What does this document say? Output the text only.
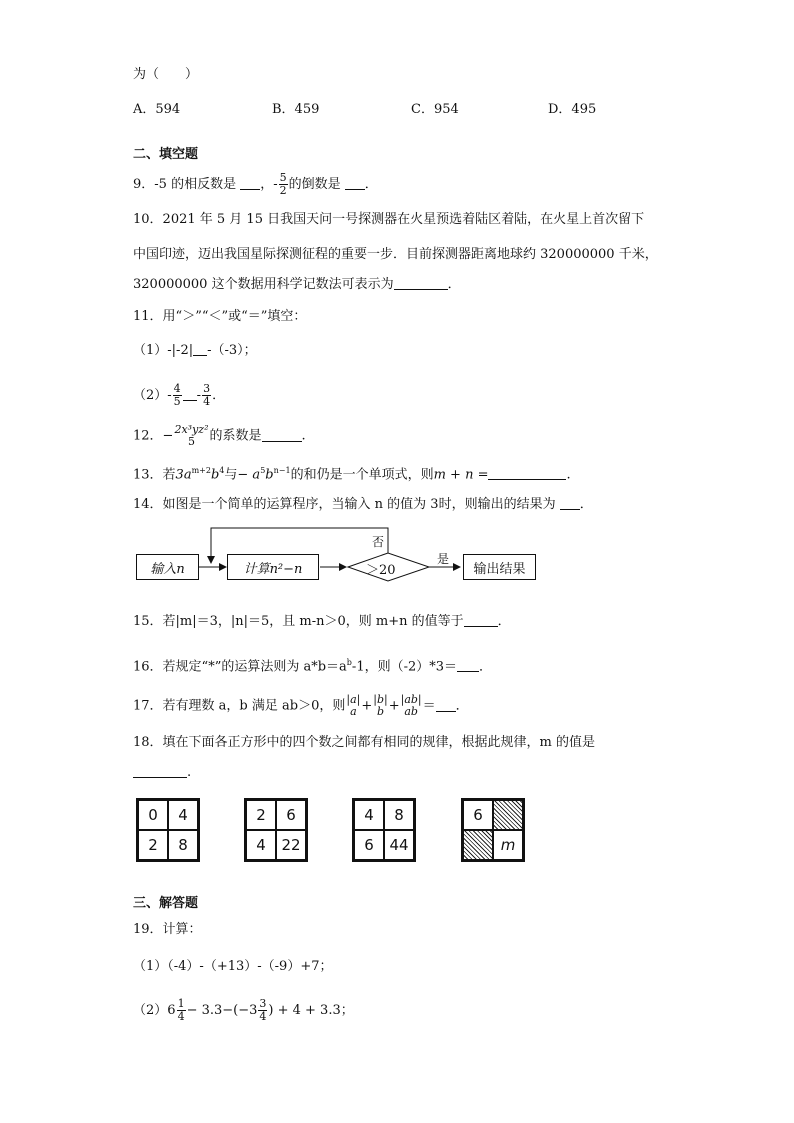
为（　　）
A．594	B．459	C．954	D．495
二、填空题
9．-5 的相反数是 ，- $\frac{5}{2}$ 的倒数是 ．
10．2021 年 5 月 15 日我国天问一号探测器在火星预选着陆区着陆，在火星上首次留下
中国印迹，迈出我国星际探测征程的重要一步．目前探测器距离地球约 320000000 千米，
320000000 这个数据用科学记数法可表示为	．
11．用“＞”“＜”或“＝”填空：
（1）-|-2| -（-3）；
$(2)- \frac{4}{5} - \frac{3}{4}$ ．
12．− 2x³yz²
5 的系数是	.
13．若$3a^{m+2}b^4$与− $a^5b^{n-1}$的和仍是一个单项式，则m + n =	.
14．如图是一个简单的运算程序，当输入 n 的值为 3时，则输出的结果为 ．
输入n	计算n²−n	＞20
否
是
输出结果
15．若|m|＝3，|n|＝5，且 m-n＞0，则 m+n 的值等于	．
16．若规定“*”的运算法则为 $a*b=a^b-1$，则（-2）*3＝ ．
17．若有理数 a，b 满足 ab＞0，则 |a|
a + |b|
b + |ab|
ab ＝ ．
18．填在下面各正方形中的四个数之间都有相同的规律，根据此规律，m 的值是
.
0	4
2	8
2	6
4	22
4	8
6	44
6
m
三、解答题
19．计算：
（1）（-4）-（+13）-（-9）+7；
$(2)6 \frac{1}{4} - 3.3-(-3 \frac{3}{4}$ ) + 4 + 3.3；
